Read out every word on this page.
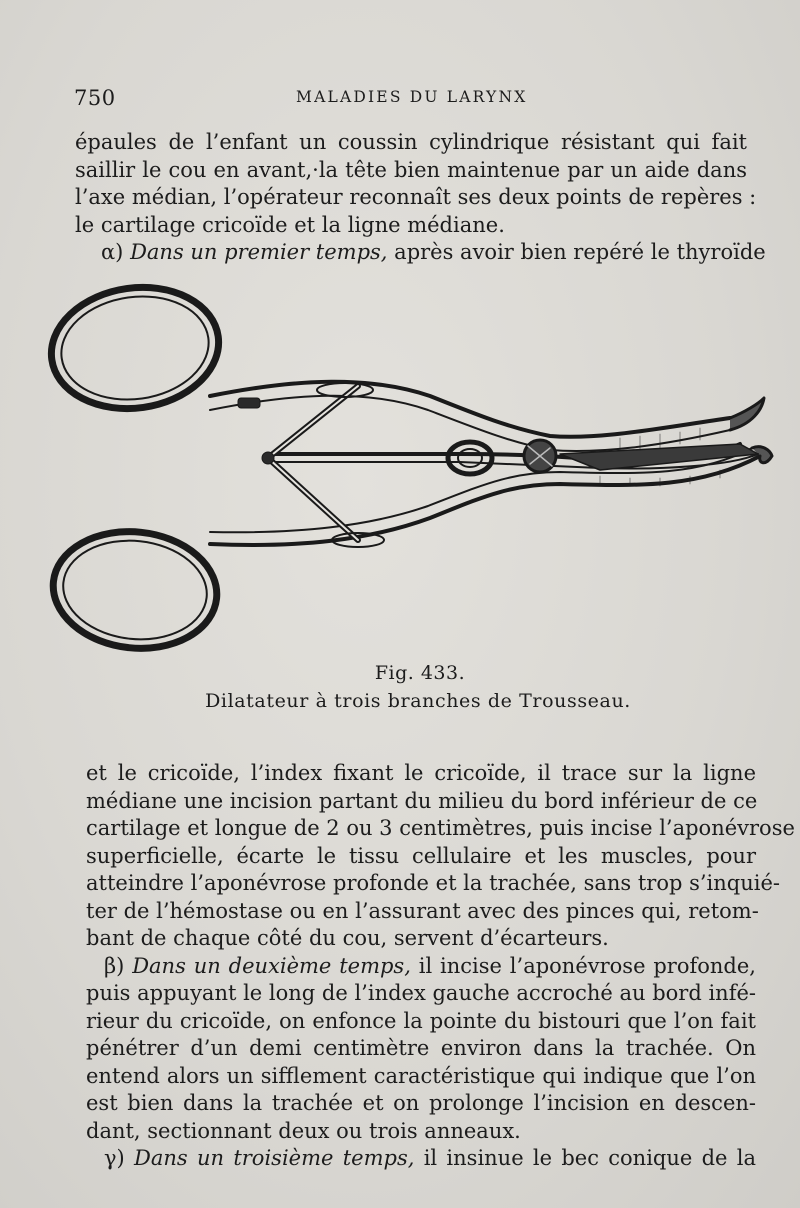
750	MALADIES DU LARYNX
épaules de l’enfant un coussin cylindrique résistant qui fait
saillir le cou en avant,·la tête bien maintenue par un aide dans
l’axe médian, l’opérateur reconnaît ses deux points de repères :
le cartilage cricoïde et la ligne médiane.
α) Dans un premier temps, après avoir bien repéré le thyroïde
Fig. 433.
Dilatateur à trois branches de Trousseau.
et le cricoïde, l’index fixant le cricoïde, il trace sur la ligne
médiane une incision partant du milieu du bord inférieur de ce
cartilage et longue de 2 ou 3 centimètres, puis incise l’aponévrose
superficielle, écarte le tissu cellulaire et les muscles, pour
atteindre l’aponévrose profonde et la trachée, sans trop s’inquié-
ter de l’hémostase ou en l’assurant avec des pinces qui, retom-
bant de chaque côté du cou, servent d’écarteurs.
β) Dans un deuxième temps, il incise l’aponévrose profonde,
puis appuyant le long de l’index gauche accroché au bord infé-
rieur du cricoïde, on enfonce la pointe du bistouri que l’on fait
pénétrer d’un demi centimètre environ dans la trachée. On
entend alors un sifflement caractéristique qui indique que l’on
est bien dans la trachée et on prolonge l’incision en descen-
dant, sectionnant deux ou trois anneaux.
γ) Dans un troisième temps, il insinue le bec conique de la
